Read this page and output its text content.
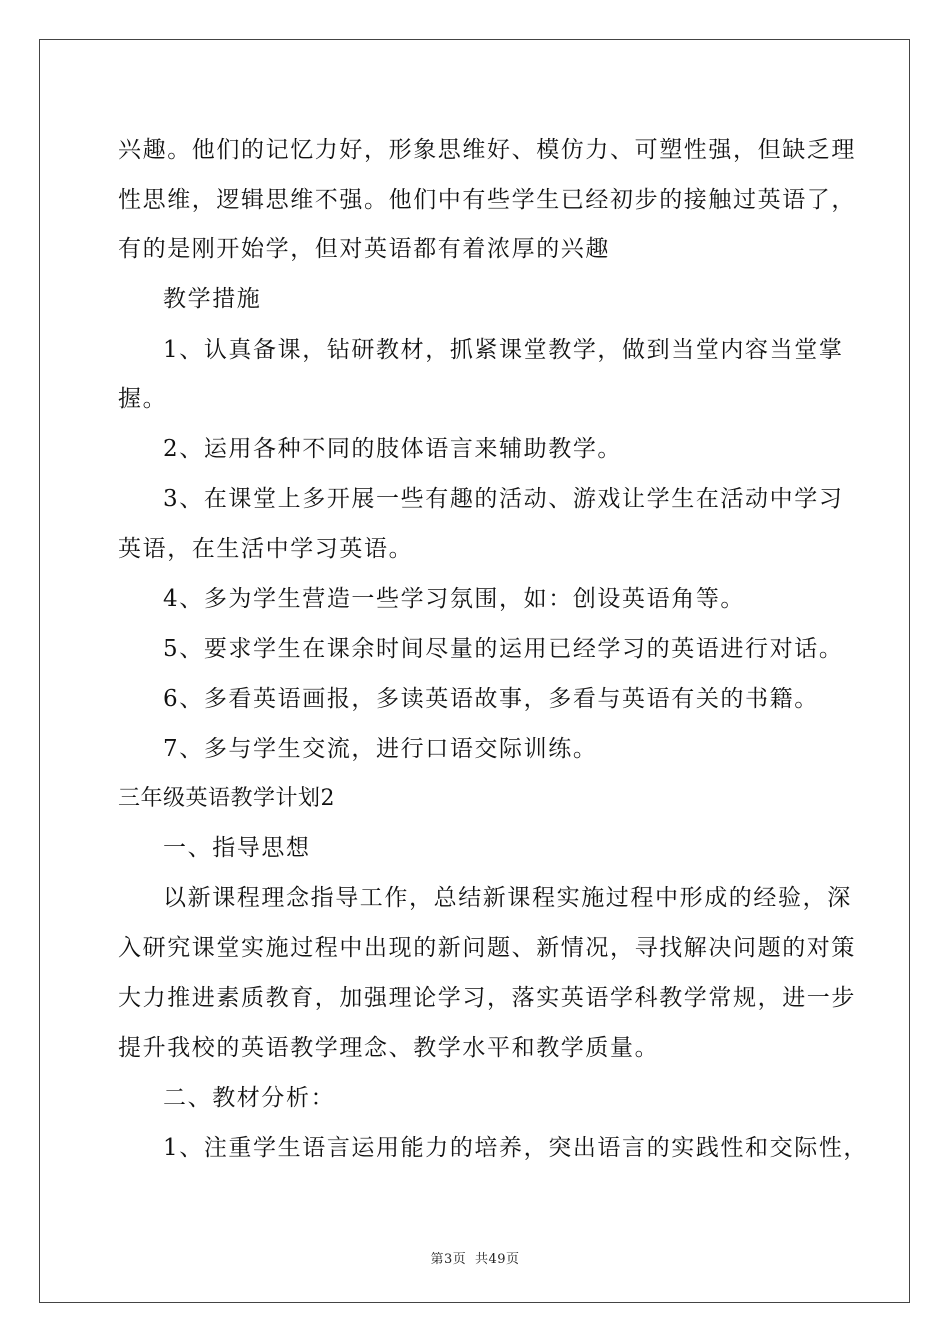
兴趣。他们的记忆力好，形象思维好、模仿力、可塑性强，但缺乏理
性思维，逻辑思维不强。他们中有些学生已经初步的接触过英语了，
有的是刚开始学，但对英语都有着浓厚的兴趣
教学措施
1、认真备课，钻研教材，抓紧课堂教学，做到当堂内容当堂掌
握。
2、运用各种不同的肢体语言来辅助教学。
3、在课堂上多开展一些有趣的活动、游戏让学生在活动中学习
英语，在生活中学习英语。
4、多为学生营造一些学习氛围，如：创设英语角等。
5、要求学生在课余时间尽量的运用已经学习的英语进行对话。
6、多看英语画报，多读英语故事，多看与英语有关的书籍。
7、多与学生交流，进行口语交际训练。
三年级英语教学计划2
一、指导思想
以新课程理念指导工作，总结新课程实施过程中形成的经验，深
入研究课堂实施过程中出现的新问题、新情况，寻找解决问题的对策
大力推进素质教育，加强理论学习，落实英语学科教学常规，进一步
提升我校的英语教学理念、教学水平和教学质量。
二、教材分析：
1、注重学生语言运用能力的培养，突出语言的实践性和交际性，
第3页 共49页
